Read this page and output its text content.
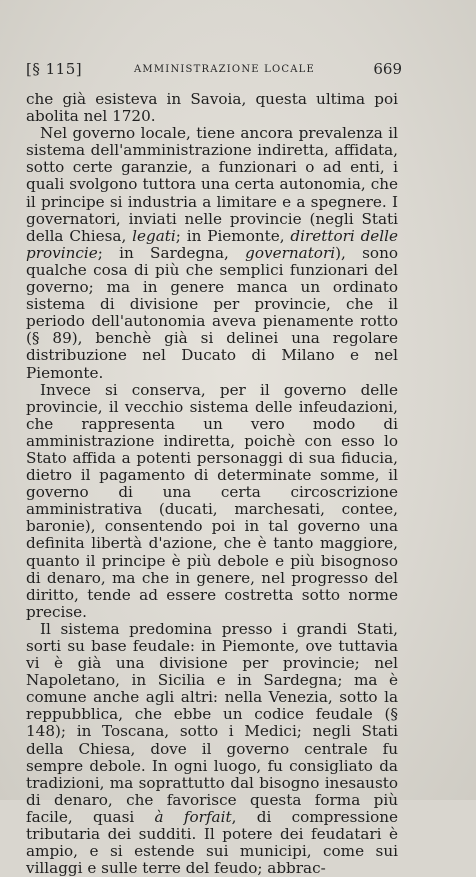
[§ 115]	AMMINISTRAZIONE LOCALE	669

che già esisteva in Savoia, questa ultima poi abolita nel 1720.

Nel governo locale, tiene ancora prevalenza il sistema dell'amministrazione indiretta, affidata, sotto certe garanzie, a funzionari o ad enti, i quali svolgono tuttora una certa autonomia, che il principe si industria a limitare e a spegnere. I governatori, inviati nelle provincie (negli Stati della Chiesa, legati; in Piemonte, direttori delle provincie; in Sardegna, governatori), sono qualche cosa di più che semplici funzionari del governo; ma in genere manca un ordinato sistema di divisione per provincie, che il periodo dell'autonomia aveva pienamente rotto (§ 89), benchè già si delinei una regolare distribuzione nel Ducato di Milano e nel Piemonte.

Invece si conserva, per il governo delle provincie, il vecchio sistema delle infeudazioni, che rappresenta un vero modo di amministrazione indiretta, poichè con esso lo Stato affida a potenti personaggi di sua fiducia, dietro il pagamento di determinate somme, il governo di una certa circoscrizione amministrativa (ducati, marchesati, contee, baronie), consentendo poi in tal governo una definita libertà d'azione, che è tanto maggiore, quanto il principe è più debole e più bisognoso di denaro, ma che in genere, nel progresso del diritto, tende ad essere costretta sotto norme precise.

Il sistema predomina presso i grandi Stati, sorti su base feudale: in Piemonte, ove tuttavia vi è già una divisione per provincie; nel Napoletano, in Sicilia e in Sardegna; ma è comune anche agli altri: nella Venezia, sotto la reppubblica, che ebbe un codice feudale (§ 148); in Toscana, sotto i Medici; negli Stati della Chiesa, dove il governo centrale fu sempre debole. In ogni luogo, fu consigliato da tradizioni, ma soprattutto dal bisogno inesausto di denaro, che favorisce questa forma più facile, quasi à forfait, di compressione tributaria dei sudditi. Il potere dei feudatari è ampio, e si estende sui municipi, come sui villaggi e sulle terre del feudo; abbrac-
